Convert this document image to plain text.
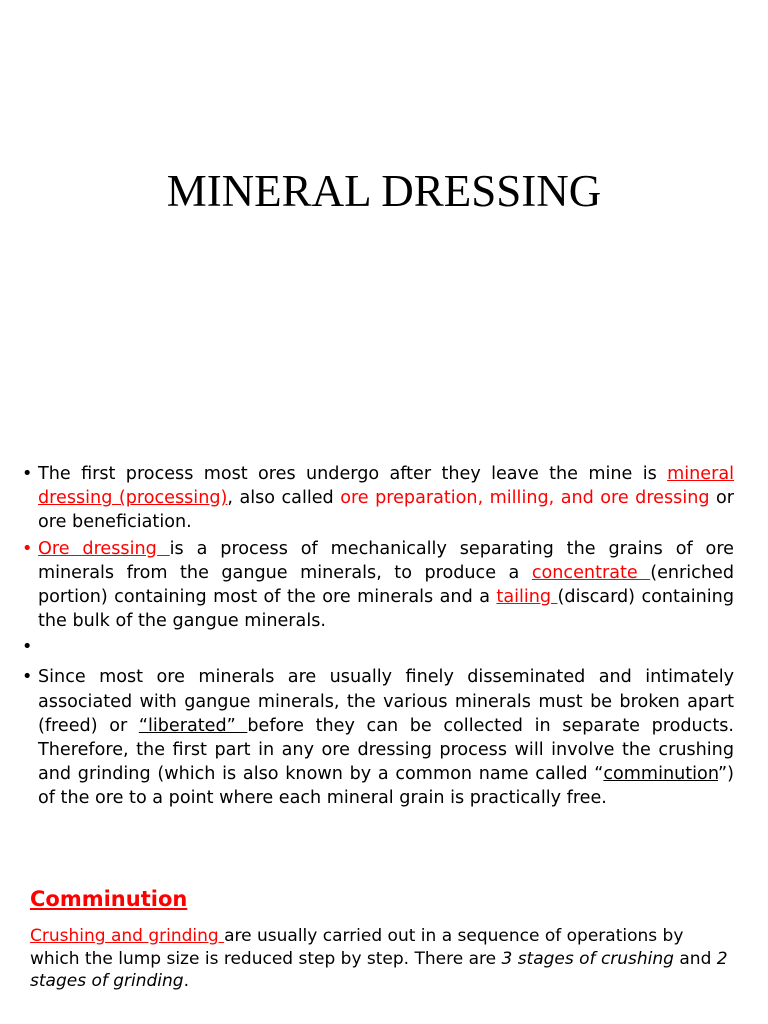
MINERAL DRESSING
• The first process most ores undergo after they leave the mine is mineral dressing (processing), also called ore preparation, milling, and ore dressing or ore beneficiation.
• Ore dressing is a process of mechanically separating the grains of ore minerals from the gangue minerals, to produce a concentrate (enriched portion) containing most of the ore minerals and a tailing (discard) containing the bulk of the gangue minerals.
•
• Since most ore minerals are usually finely disseminated and intimately associated with gangue minerals, the various minerals must be broken apart (freed) or “liberated” before they can be collected in separate products. Therefore, the first part in any ore dressing process will involve the crushing and grinding (which is also known by a common name called “comminution”) of the ore to a point where each mineral grain is practically free.
Comminution

Crushing and grinding are usually carried out in a sequence of operations by which the lump size is reduced step by step. There are 3 stages of crushing and 2 stages of grinding.
